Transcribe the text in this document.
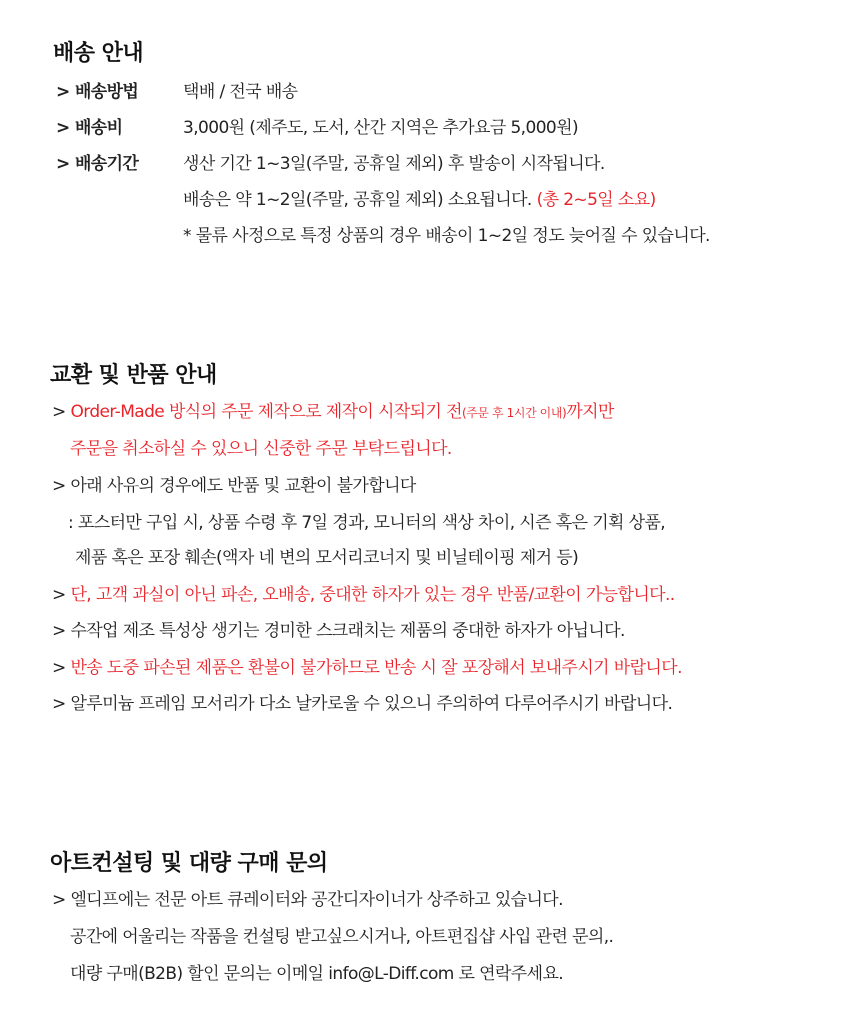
배송 안내
> 배송방법	택배 / 전국 배송
> 배송비	3,000원 (제주도, 도서, 산간 지역은 추가요금 5,000원)
> 배송기간	생산 기간 1~3일(주말, 공휴일 제외) 후 발송이 시작됩니다.
배송은 약 1~2일(주말, 공휴일 제외) 소요됩니다. (총 2~5일 소요)
* 물류 사정으로 특정 상품의 경우 배송이 1~2일 정도 늦어질 수 있습니다.
교환 및 반품 안내
> Order-Made 방식의 주문 제작으로 제작이 시작되기 전(주문 후 1시간 이내)까지만
주문을 취소하실 수 있으니 신중한 주문 부탁드립니다.
> 아래 사유의 경우에도 반품 및 교환이 불가합니다
: 포스터만 구입 시, 상품 수령 후 7일 경과, 모니터의 색상 차이, 시즌 혹은 기획 상품,
제품 혹은 포장 훼손(액자 네 변의 모서리코너지 및 비닐테이핑 제거 등)
> 단, 고객 과실이 아닌 파손, 오배송, 중대한 하자가 있는 경우 반품/교환이 가능합니다..
> 수작업 제조 특성상 생기는 경미한 스크래치는 제품의 중대한 하자가 아닙니다.
> 반송 도중 파손된 제품은 환불이 불가하므로 반송 시 잘 포장해서 보내주시기 바랍니다.
> 알루미늄 프레임 모서리가 다소 날카로울 수 있으니 주의하여 다루어주시기 바랍니다.
아트컨설팅 및 대량 구매 문의
> 엘디프에는 전문 아트 큐레이터와 공간디자이너가 상주하고 있습니다.
공간에 어울리는 작품을 컨설팅 받고싶으시거나, 아트편집샵 사입 관련 문의,.
대량 구매(B2B) 할인 문의는 이메일 info@L-Diff.com 로 연락주세요.
